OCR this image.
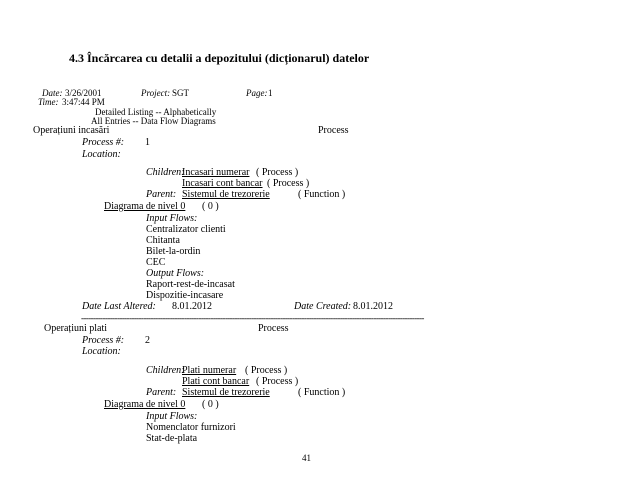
4.3 Încărcarea cu detalii a depozitului (dicționarul) datelor
Date: 3/26/2001	Project: SGT	Page: 1
Time: 3:47:44 PM
Detailed Listing -- Alphabetically
All Entries -- Data Flow Diagrams
Operațiuni incasări	Process
Process #: 1
Location:
Children:
Incasari numerar ( Process )
Incasari cont bancar ( Process )
Parent: Sistemul de trezorerie	( Function )
Diagrama de nivel 0 ( 0 )
Input Flows:
Centralizator clienti
Chitanta
Bilet-la-ordin
CEC
Output Flows:
Raport-rest-de-incasat
Dispozitie-incasare
Date Last Altered: 8.01.2012	Date Created: 8.01.2012
-----------------------------------------------------------------------------------------------------------------------------------------------
Operațiuni plati	Process
Process #: 2
Location:
Children:
Plati numerar ( Process )
Plati cont bancar ( Process )
Parent: Sistemul de trezorerie	( Function )
Diagrama de nivel 0 ( 0 )
Input Flows:
Nomenclator furnizori
Stat-de-plata
41
